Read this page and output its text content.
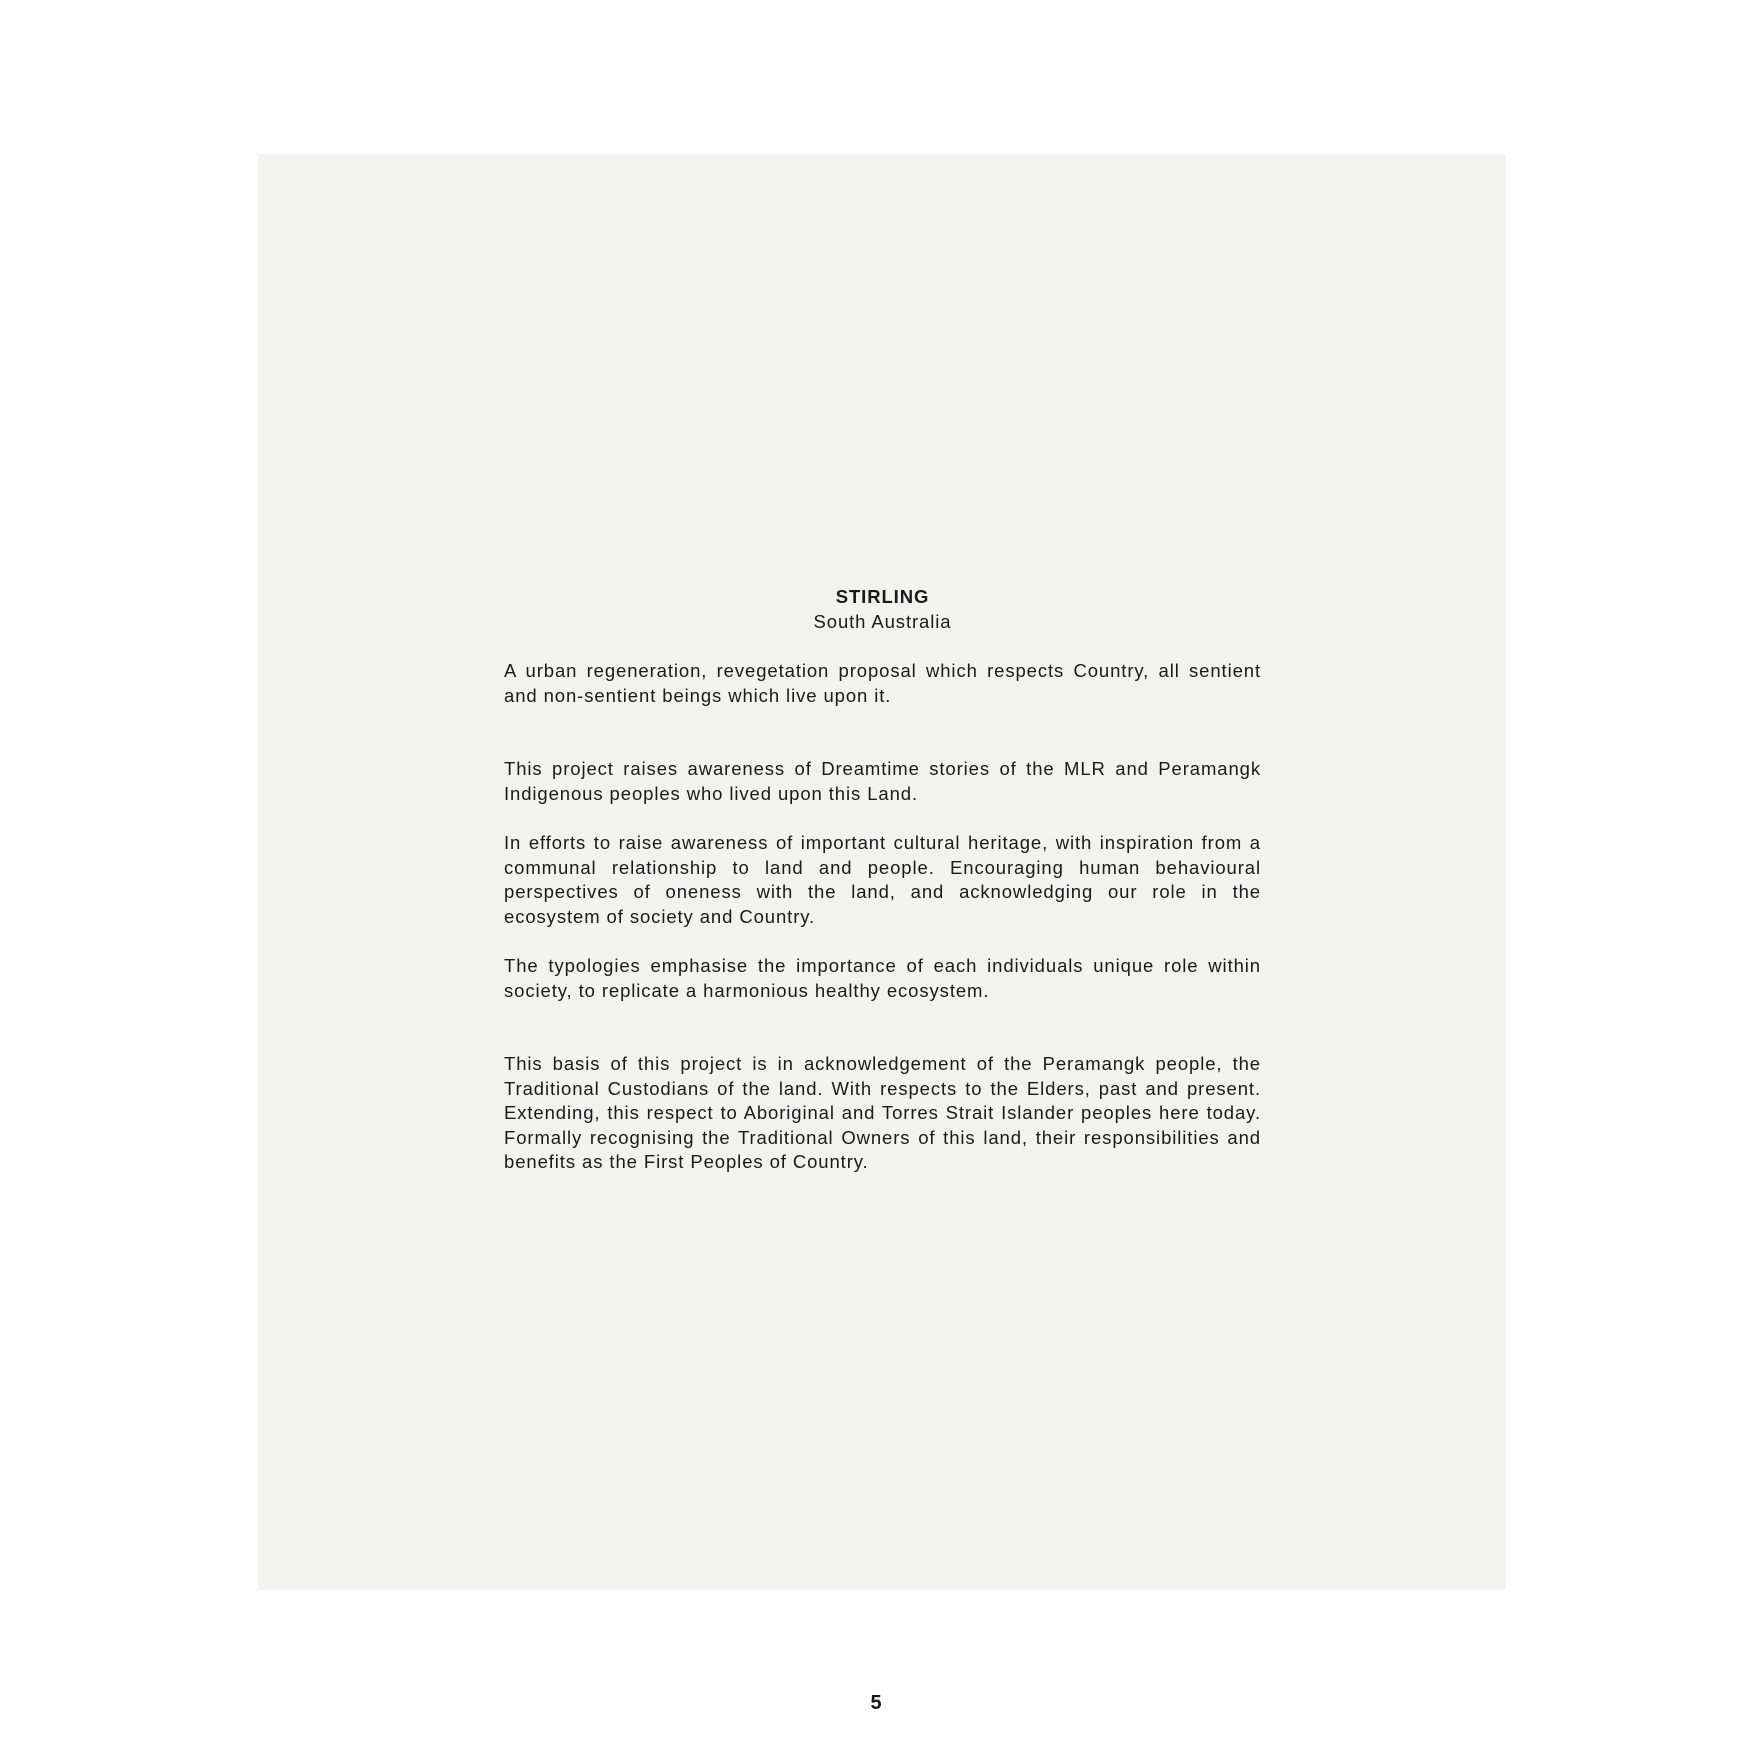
STIRLING
South Australia

A urban regeneration, revegetation proposal which respects Country, all sentient and non-sentient beings which live upon it.

This project raises awareness of Dreamtime stories of the MLR and Peramangk Indigenous peoples who lived upon this Land.

In efforts to raise awareness of important cultural heritage, with inspiration from a communal relationship to land and people. Encouraging human behavioural perspectives of oneness with the land, and acknowledging our role in the ecosystem of society and Country.

The typologies emphasise the importance of each individuals unique role within society, to replicate a harmonious healthy ecosystem.

This basis of this project is in acknowledgement of the Peramangk people, the Traditional Custodians of the land. With respects to the Elders, past and present. Extending, this respect to Aboriginal and Torres Strait Islander peoples here today. Formally recognising the Traditional Owners of this land, their responsibilities and benefits as the First Peoples of Country.

5
